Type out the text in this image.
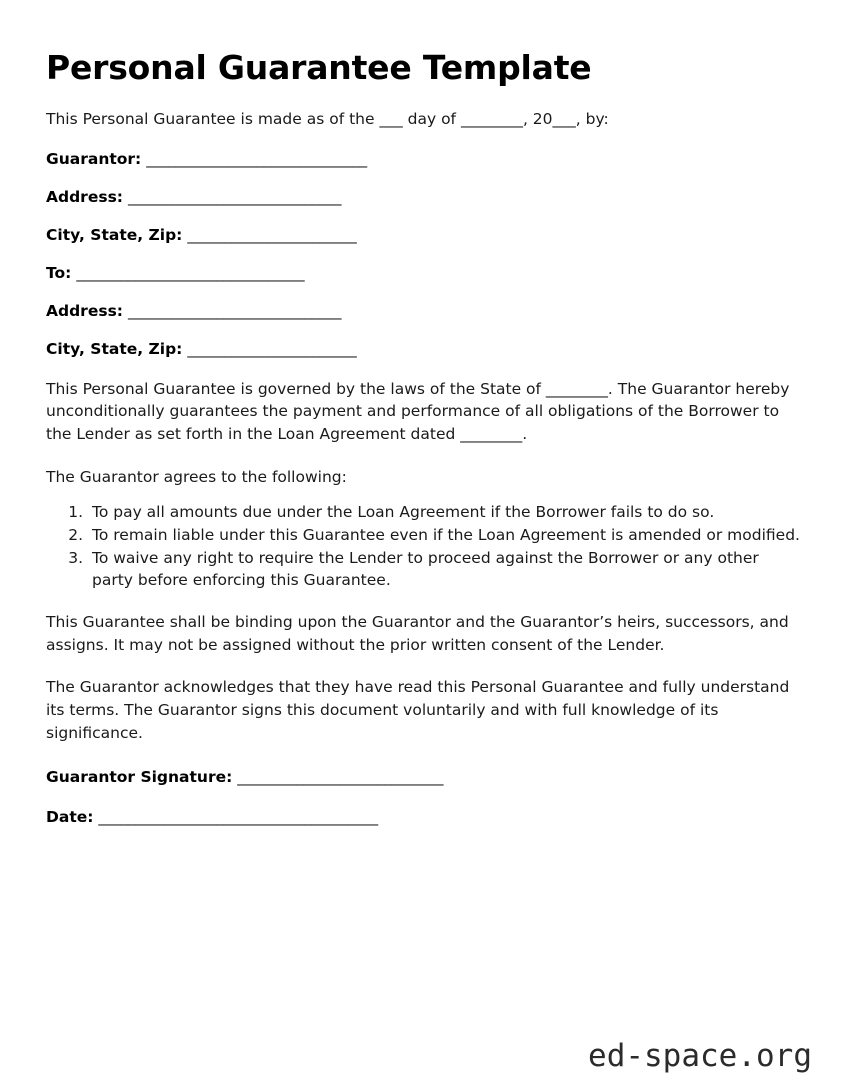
Personal Guarantee Template

This Personal Guarantee is made as of the ___ day of ________, 20___, by:

Guarantor: ______________________________
Address: _____________________________
City, State, Zip: _______________________
To: _______________________________
Address: _____________________________
City, State, Zip: _______________________

This Personal Guarantee is governed by the laws of the State of ________. The Guarantor hereby unconditionally guarantees the payment and performance of all obligations of the Borrower to the Lender as set forth in the Loan Agreement dated ________.

The Guarantor agrees to the following:

1. To pay all amounts due under the Loan Agreement if the Borrower fails to do so.
2. To remain liable under this Guarantee even if the Loan Agreement is amended or modified.
3. To waive any right to require the Lender to proceed against the Borrower or any other party before enforcing this Guarantee.

This Guarantee shall be binding upon the Guarantor and the Guarantor’s heirs, successors, and assigns. It may not be assigned without the prior written consent of the Lender.

The Guarantor acknowledges that they have read this Personal Guarantee and fully understand its terms. The Guarantor signs this document voluntarily and with full knowledge of its significance.

Guarantor Signature: ____________________________
Date: ______________________________________
ed-space.org
